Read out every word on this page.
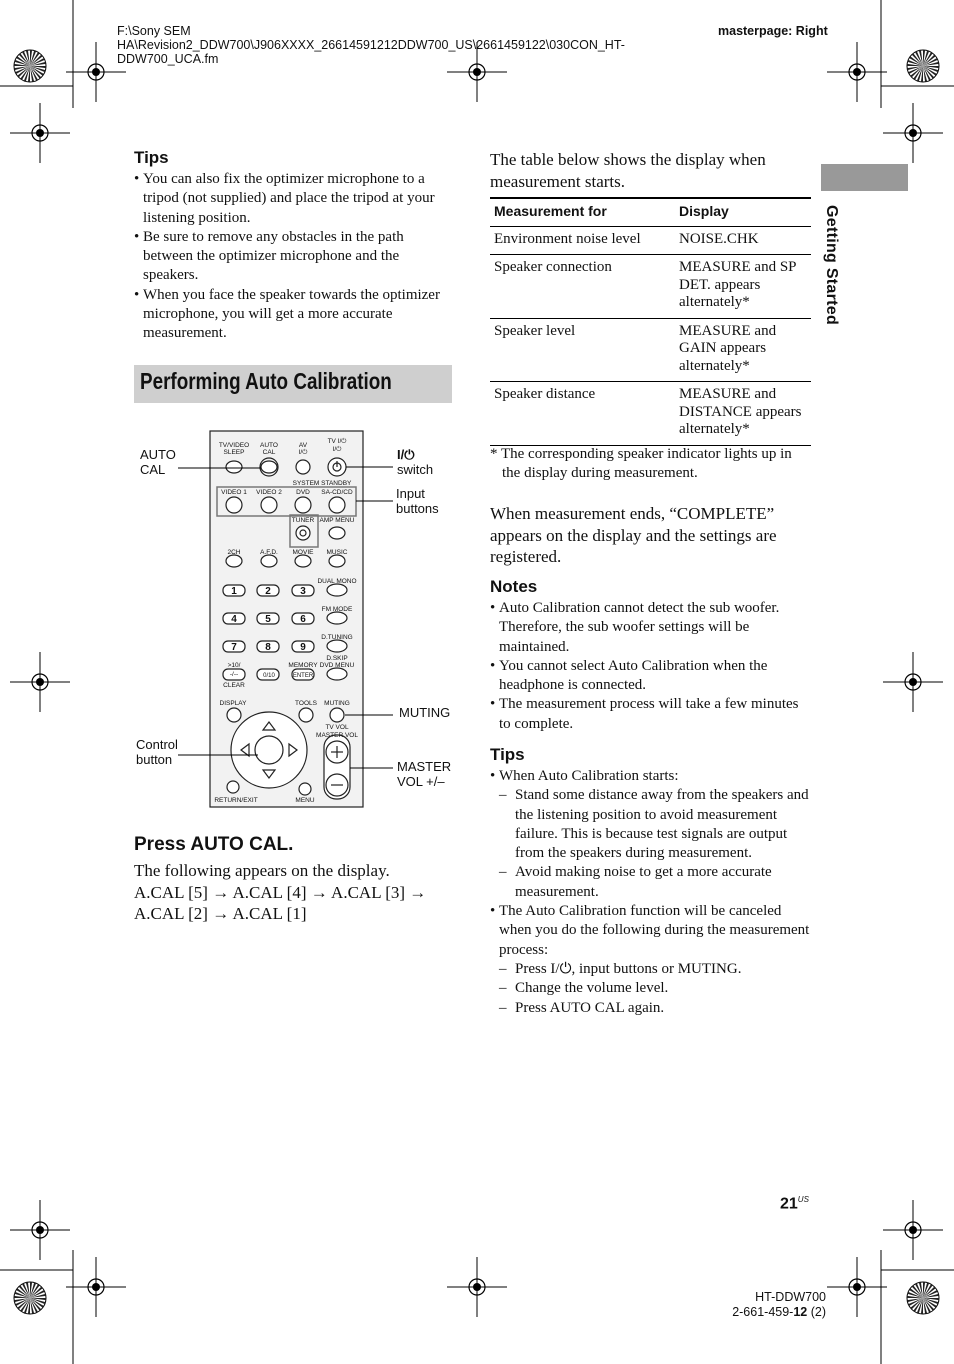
F:\Sony SEM
HA\Revision2_DDW700\J906XXXX_26614591212DDW700_US\2661459122\030CON_HT-
DDW700_UCA.fm
masterpage: Right
Getting Started
Tips
• You can also fix the optimizer microphone to a tripod (not supplied) and place the tripod at your listening position.
• Be sure to remove any obstacles in the path between the optimizer microphone and the speakers.
• When you face the speaker towards the optimizer microphone, you will get a more accurate measurement.
Performing Auto Calibration
TV/VIDEO
SLEEP
AUTO
CAL
AV
I/⏻
TV I/⏻
I/⏻
SYSTEM STANDBY
VIDEO 1 VIDEO 2 DVD SA-CD/CD
TUNER AMP MENU
2CH	A.F.D. MOVIE MUSIC
DUAL MONO
FM MODE
D.TUNING
D.SKIP
MEMORY DVD MENU
>10/
-/--
CLEAR
DISPLAY	TOOLS MUTING
TV VOL
MASTER VOL
RETURN/EXIT	MENU
1	2	3
4	5	6
7	8	9
0/10	ENTER
AUTO
CAL
I/⏻
switch
Input
buttons
MUTING
Control
button	MASTER
VOL +/–
Press AUTO CAL.
The following appears on the display.
A.CAL [5] → A.CAL [4] → A.CAL [3] →
A.CAL [2] → A.CAL [1]
The table below shows the display when measurement starts.
Measurement for	Display
Environment noise level	NOISE.CHK
Speaker connection	MEASURE and SP DET. appears alternately*
Speaker level	MEASURE and GAIN appears alternately*
Speaker distance	MEASURE and DISTANCE appears alternately*
* The corresponding speaker indicator lights up in the display during measurement.
When measurement ends, “COMPLETE” appears on the display and the settings are registered.
Notes
• Auto Calibration cannot detect the sub woofer. Therefore, the sub woofer settings will be maintained.
• You cannot select Auto Calibration when the headphone is connected.
• The measurement process will take a few minutes to complete.
Tips
• When Auto Calibration starts:
– Stand some distance away from the speakers and the listening position to avoid measurement failure. This is because test signals are output from the speakers during measurement.
– Avoid making noise to get a more accurate measurement.
• The Auto Calibration function will be canceled when you do the following during the measurement process:
– Press I/⏻, input buttons or MUTING.
– Change the volume level.
– Press AUTO CAL again.
$21^{US}$
HT-DDW700
2-661-459-12 (2)
